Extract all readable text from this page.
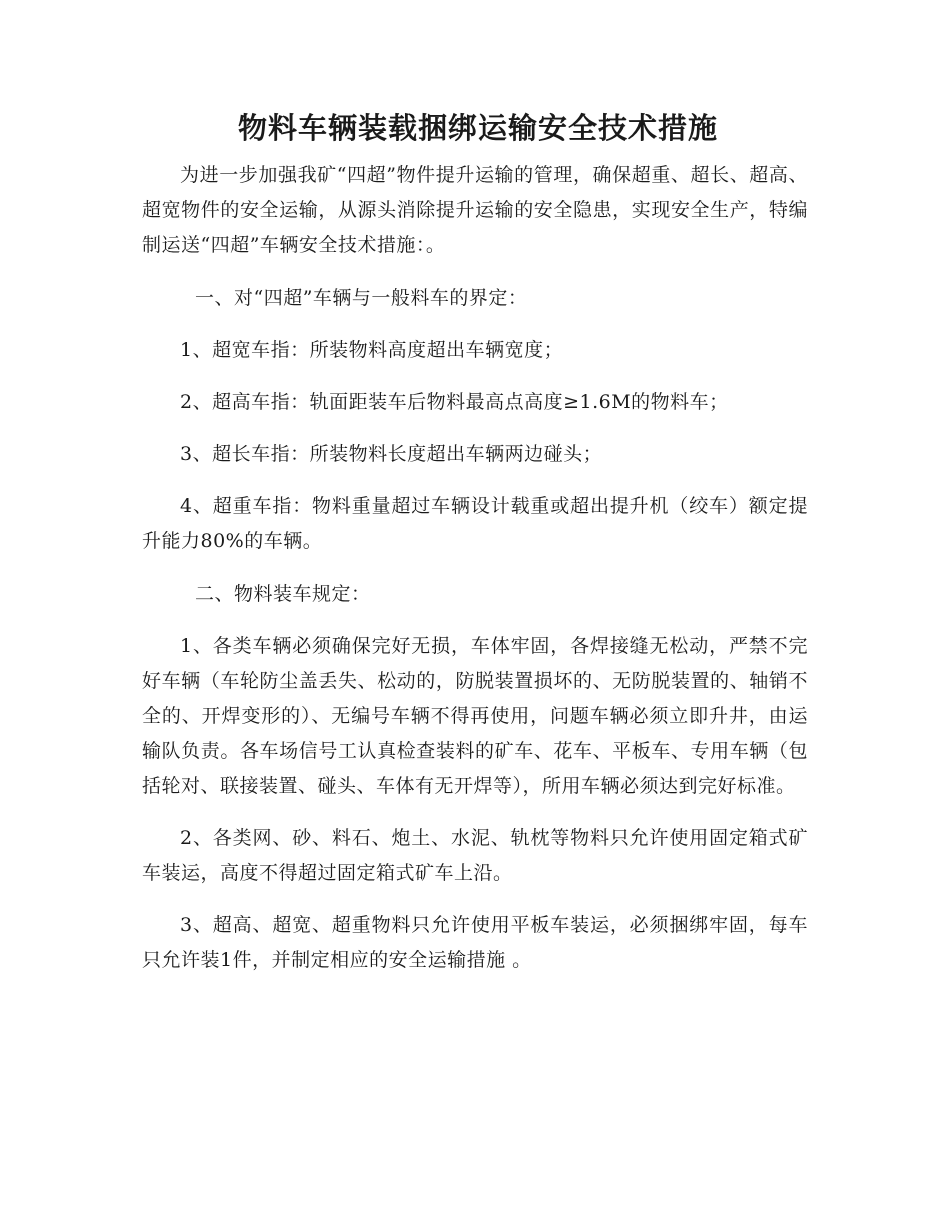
物料车辆装载捆绑运输安全技术措施

为进一步加强我矿“四超”物件提升运输的管理，确保超重、超长、超高、超宽物件的安全运输，从源头消除提升运输的安全隐患，实现安全生产，特编制运送“四超”车辆安全技术措施：。

一、对“四超”车辆与一般料车的界定：

1、超宽车指：所装物料高度超出车辆宽度；

2、超高车指：轨面距装车后物料最高点高度≥1.6M的物料车；

3、超长车指：所装物料长度超出车辆两边碰头；

4、超重车指：物料重量超过车辆设计载重或超出提升机（绞车）额定提升能力80%的车辆。

二、物料装车规定：

1、各类车辆必须确保完好无损，车体牢固，各焊接缝无松动，严禁不完好车辆（车轮防尘盖丢失、松动的，防脱装置损坏的、无防脱装置的、轴销不全的、开焊变形的）、无编号车辆不得再使用，问题车辆必须立即升井，由运输队负责。各车场信号工认真检查装料的矿车、花车、平板车、专用车辆（包括轮对、联接装置、碰头、车体有无开焊等），所用车辆必须达到完好标准。

2、各类网、砂、料石、炮土、水泥、轨枕等物料只允许使用固定箱式矿车装运，高度不得超过固定箱式矿车上沿。

3、超高、超宽、超重物料只允许使用平板车装运，必须捆绑牢固，每车只允许装1件，并制定相应的安全运输措施 。
